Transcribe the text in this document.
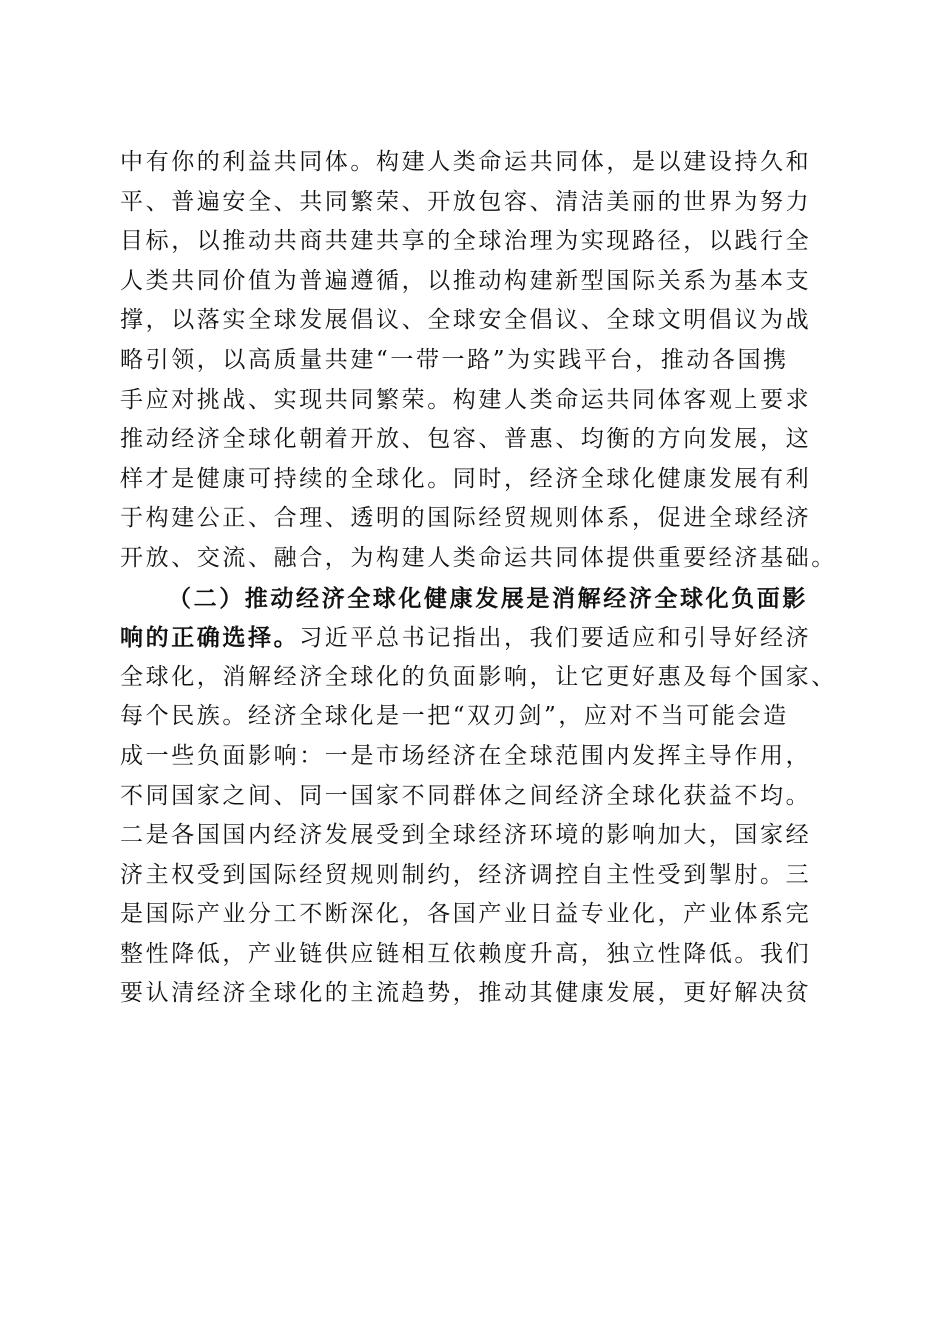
中有你的利益共同体。构建人类命运共同体，是以建设持久和
平、普遍安全、共同繁荣、开放包容、清洁美丽的世界为努力
目标，以推动共商共建共享的全球治理为实现路径，以践行全
人类共同价值为普遍遵循，以推动构建新型国际关系为基本支
撑，以落实全球发展倡议、全球安全倡议、全球文明倡议为战
略引领，以高质量共建“一带一路”为实践平台，推动各国携
手应对挑战、实现共同繁荣。构建人类命运共同体客观上要求
推动经济全球化朝着开放、包容、普惠、均衡的方向发展，这
样才是健康可持续的全球化。同时，经济全球化健康发展有利
于构建公正、合理、透明的国际经贸规则体系，促进全球经济
开放、交流、融合，为构建人类命运共同体提供重要经济基础。
（二）推动经济全球化健康发展是消解经济全球化负面影
响的正确选择。习近平总书记指出，我们要适应和引导好经济
全球化，消解经济全球化的负面影响，让它更好惠及每个国家、
每个民族。经济全球化是一把“双刃剑”，应对不当可能会造
成一些负面影响：一是市场经济在全球范围内发挥主导作用，
不同国家之间、同一国家不同群体之间经济全球化获益不均。
二是各国国内经济发展受到全球经济环境的影响加大，国家经
济主权受到国际经贸规则制约，经济调控自主性受到掣肘。三
是国际产业分工不断深化，各国产业日益专业化，产业体系完
整性降低，产业链供应链相互依赖度升高，独立性降低。我们
要认清经济全球化的主流趋势，推动其健康发展，更好解决贫
